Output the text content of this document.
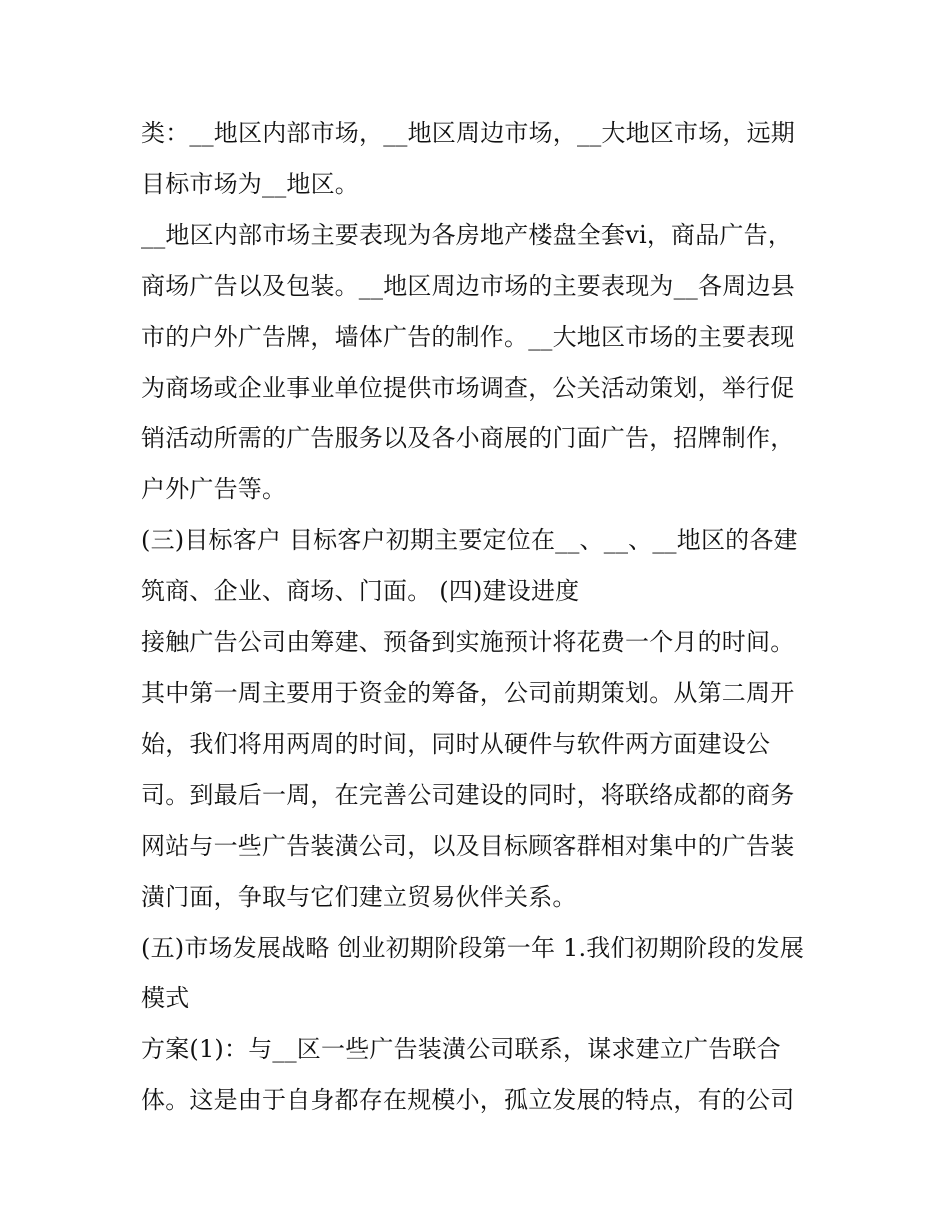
类：__地区内部市场，__地区周边市场，__大地区市场，远期
目标市场为__地区。
__地区内部市场主要表现为各房地产楼盘全套vi，商品广告，
商场广告以及包装。__地区周边市场的主要表现为__各周边县
市的户外广告牌，墙体广告的制作。__大地区市场的主要表现
为商场或企业事业单位提供市场调查，公关活动策划，举行促
销活动所需的广告服务以及各小商展的门面广告，招牌制作，
户外广告等。
(三)目标客户 目标客户初期主要定位在__、__、__地区的各建
筑商、企业、商场、门面。 (四)建设进度
接触广告公司由筹建、预备到实施预计将花费一个月的时间。
其中第一周主要用于资金的筹备，公司前期策划。从第二周开
始，我们将用两周的时间，同时从硬件与软件两方面建设公
司。到最后一周，在完善公司建设的同时，将联络成都的商务
网站与一些广告装潢公司，以及目标顾客群相对集中的广告装
潢门面，争取与它们建立贸易伙伴关系。
(五)市场发展战略 创业初期阶段第一年 1.我们初期阶段的发展
模式
方案(1)：与__区一些广告装潢公司联系，谋求建立广告联合
体。这是由于自身都存在规模小，孤立发展的特点，有的公司
